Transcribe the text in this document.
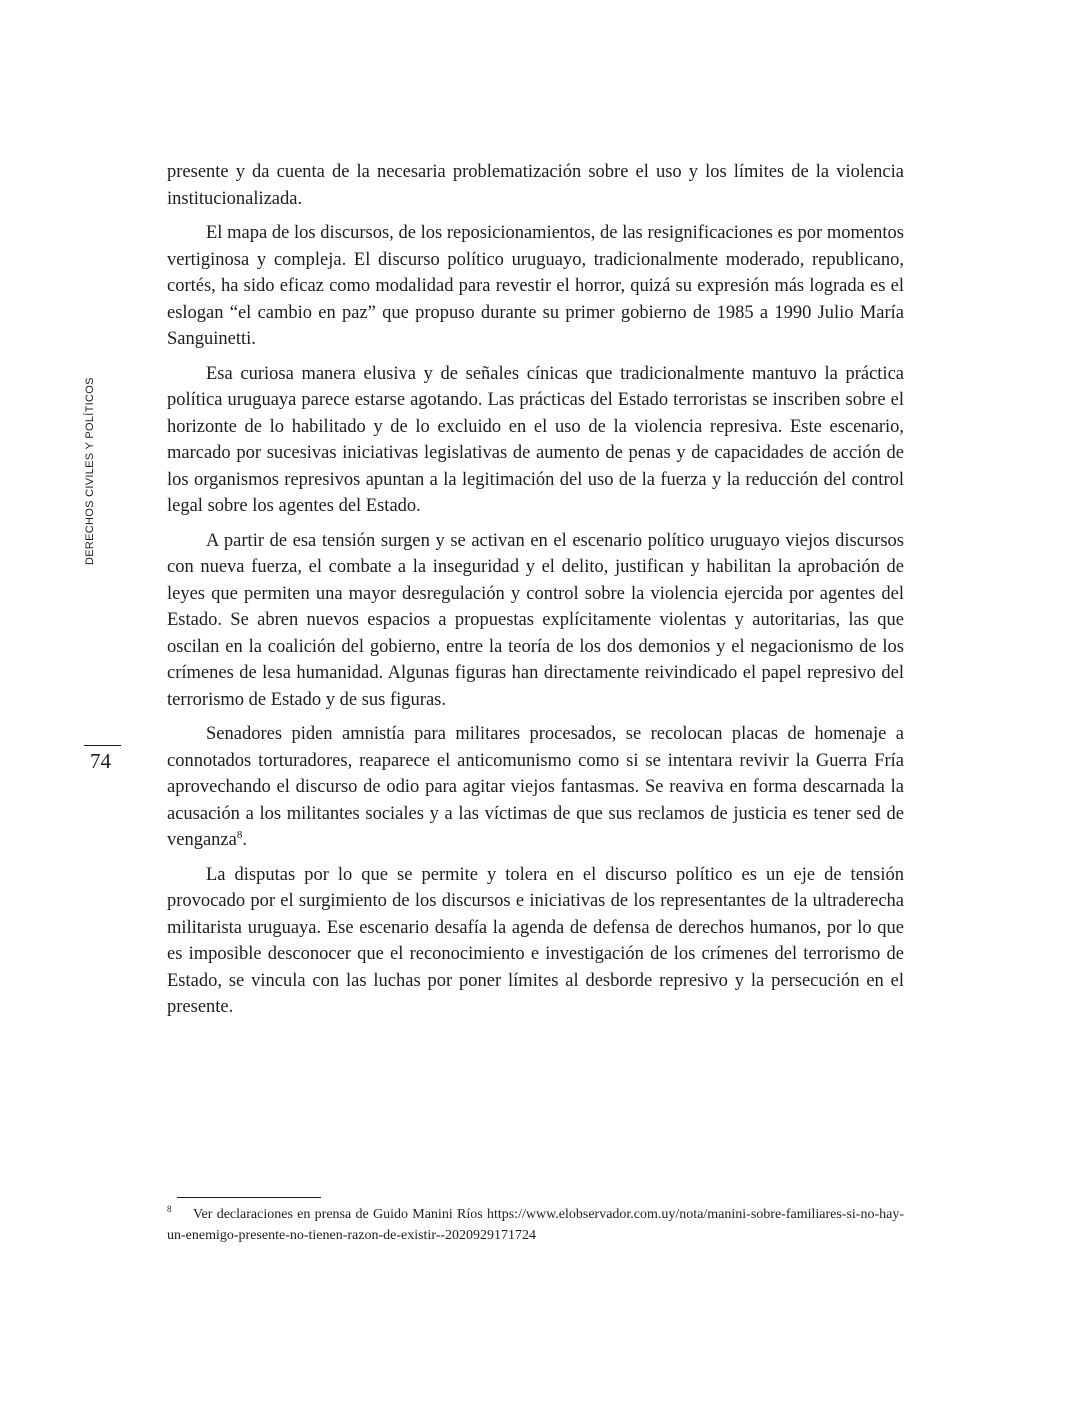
DERECHOS CIVILES Y POLÍTICOS
74

presente y da cuenta de la necesaria problematización sobre el uso y los límites de la violencia institucionalizada.

El mapa de los discursos, de los reposicionamientos, de las resignificaciones es por momentos vertiginosa y compleja. El discurso político uruguayo, tradicionalmente moderado, republicano, cortés, ha sido eficaz como modalidad para revestir el horror, quizá su expresión más lograda es el eslogan “el cambio en paz” que propuso durante su primer gobierno de 1985 a 1990 Julio María Sanguinetti.

Esa curiosa manera elusiva y de señales cínicas que tradicionalmente mantuvo la práctica política uruguaya parece estarse agotando. Las prácticas del Estado terroristas se inscriben sobre el horizonte de lo habilitado y de lo excluido en el uso de la violencia represiva. Este escenario, marcado por sucesivas iniciativas legislativas de aumento de penas y de capacidades de acción de los organismos represivos apuntan a la legitimación del uso de la fuerza y la reducción del control legal sobre los agentes del Estado.

A partir de esa tensión surgen y se activan en el escenario político uruguayo viejos discursos con nueva fuerza, el combate a la inseguridad y el delito, justifican y habilitan la aprobación de leyes que permiten una mayor desregulación y control sobre la violencia ejercida por agentes del Estado. Se abren nuevos espacios a propuestas explícitamente violentas y autoritarias, las que oscilan en la coalición del gobierno, entre la teoría de los dos demonios y el negacionismo de los crímenes de lesa humanidad. Algunas figuras han directamente reivindicado el papel represivo del terrorismo de Estado y de sus figuras.

Senadores piden amnistía para militares procesados, se recolocan placas de homenaje a connotados torturadores, reaparece el anticomunismo como si se intentara revivir la Guerra Fría aprovechando el discurso de odio para agitar viejos fantasmas. Se reaviva en forma descarnada la acusación a los militantes sociales y a las víctimas de que sus reclamos de justicia es tener sed de venganza$^8$.

La disputas por lo que se permite y tolera en el discurso político es un eje de tensión provocado por el surgimiento de los discursos e iniciativas de los representantes de la ultraderecha militarista uruguaya. Ese escenario desafía la agenda de defensa de derechos humanos, por lo que es imposible desconocer que el reconocimiento e investigación de los crímenes del terrorismo de Estado, se vincula con las luchas por poner límites al desborde represivo y la persecución en el presente.

8 Ver declaraciones en prensa de Guido Manini Ríos https://www.elobservador.com.uy/nota/manini-sobre-familiares-si-no-hay-un-enemigo-presente-no-tienen-razon-de-existir--2020929171724
